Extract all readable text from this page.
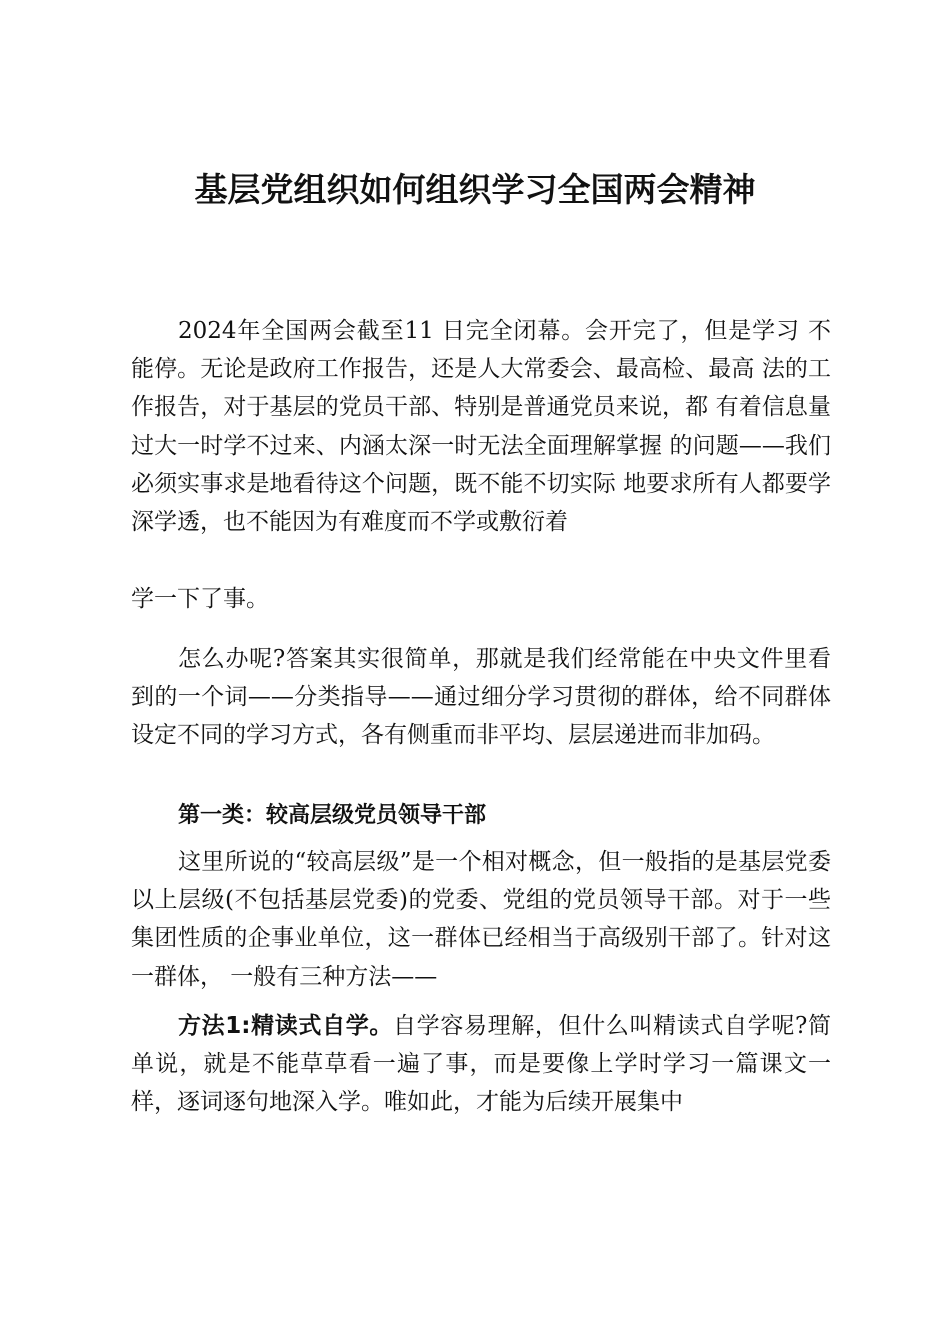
基层党组织如何组织学习全国两会精神

2024年全国两会截至11 日完全闭幕。会开完了，但是学习 不能停。无论是政府工作报告，还是人大常委会、最高检、最高 法的工作报告，对于基层的党员干部、特别是普通党员来说，都 有着信息量过大一时学不过来、内涵太深一时无法全面理解掌握 的问题——我们必须实事求是地看待这个问题，既不能不切实际 地要求所有人都要学深学透，也不能因为有难度而不学或敷衍着

学一下了事。

怎么办呢?答案其实很简单，那就是我们经常能在中央文件里看到的一个词——分类指导——通过细分学习贯彻的群体，给不同群体设定不同的学习方式，各有侧重而非平均、层层递进而非加码。

第一类：较高层级党员领导干部

这里所说的“较高层级”是一个相对概念，但一般指的是基层党委以上层级(不包括基层党委)的党委、党组的党员领导干部。对于一些集团性质的企事业单位，这一群体已经相当于高级别干部了。针对这一群体， 一般有三种方法——

方法1:精读式自学。自学容易理解，但什么叫精读式自学呢?简单说，就是不能草草看一遍了事，而是要像上学时学习一篇课文一样，逐词逐句地深入学。唯如此，才能为后续开展集中
